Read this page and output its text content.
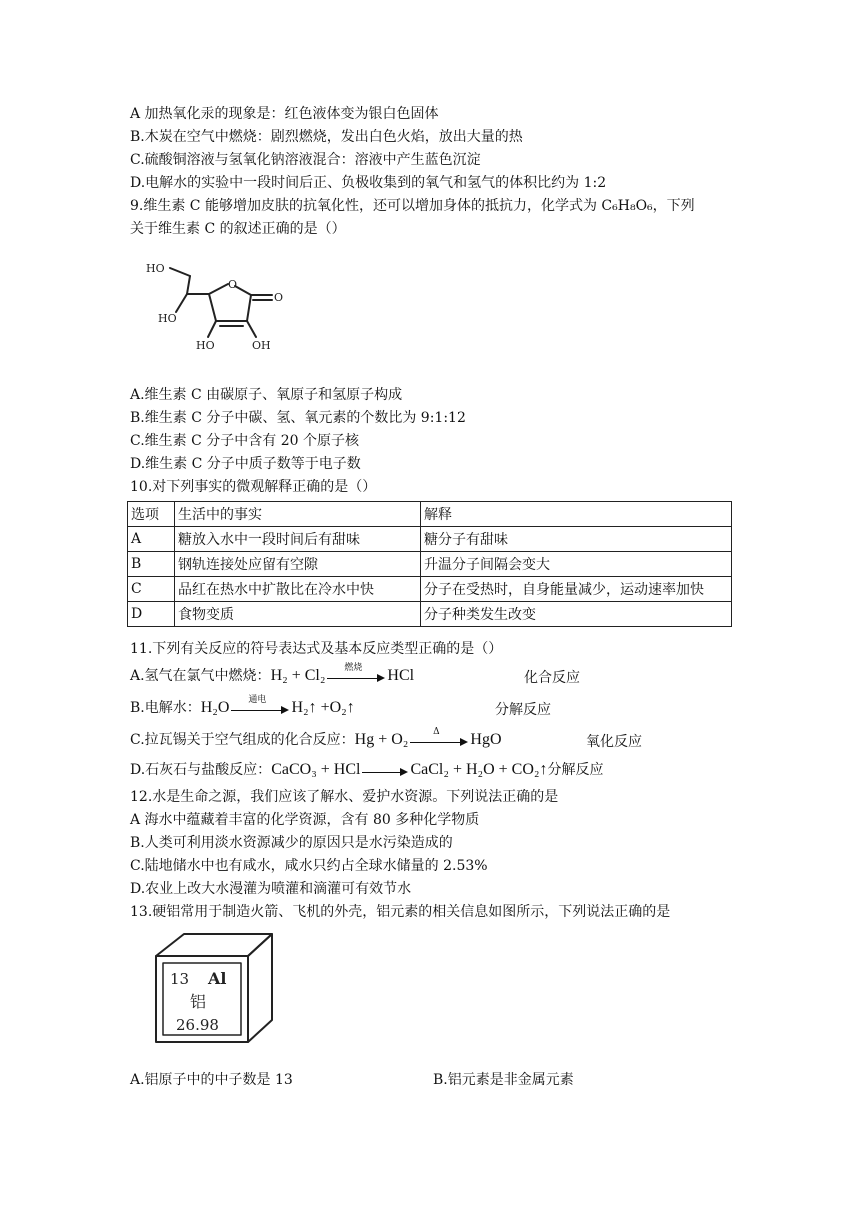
A 加热氧化汞的现象是：红色液体变为银白色固体
B.木炭在空气中燃烧：剧烈燃烧，发出白色火焰，放出大量的热
C.硫酸铜溶液与氢氧化钠溶液混合：溶液中产生蓝色沉淀
D.电解水的实验中一段时间后正、负极收集到的氧气和氢气的体积比约为 1:2
9.维生素 C 能够增加皮肤的抗氧化性，还可以增加身体的抵抗力，化学式为 C₆H₈O₆，下列
关于维生素 C 的叙述正确的是（）
HO
O
O
HO
HO	OH
A.维生素 C 由碳原子、氧原子和氢原子构成
B.维生素 C 分子中碳、氢、氧元素的个数比为 9:1:12
C.维生素 C 分子中含有 20 个原子核
D.维生素 C 分子中质子数等于电子数
10.对下列事实的微观解释正确的是（）
选项	生活中的事实	解释
A	糖放入水中一段时间后有甜味	糖分子有甜味
B	钢轨连接处应留有空隙	升温分子间隔会变大
C	品红在热水中扩散比在冷水中快	分子在受热时，自身能量减少，运动速率加快
D	食物变质	分子种类发生改变
11.下列有关反应的符号表达式及基本反应类型正确的是（）
A.氢气在氯气中燃烧：H₂ + Cl₂	燃烧	HCl	化合反应
B.电解水：H₂O	通电	H₂↑ +O₂↑	分解反应
C.拉瓦锡关于空气组成的化合反应：Hg + O₂	Δ	HgO	氧化反应
D.石灰石与盐酸反应：CaCO₃ + HCl	CaCl₂ + H₂O + CO₂↑分解反应
12.水是生命之源，我们应该了解水、爱护水资源。下列说法正确的是
A 海水中蕴藏着丰富的化学资源，含有 80 多种化学物质
B.人类可利用淡水资源减少的原因只是水污染造成的
C.陆地储水中也有咸水，咸水只约占全球水储量的 2.53%
D.农业上改大水漫灌为喷灌和滴灌可有效节水
13.硬铝常用于制造火箭、飞机的外壳，铝元素的相关信息如图所示，下列说法正确的是
13 Al
铝
26.98
A.铝原子中的中子数是 13	B.铝元素是非金属元素
